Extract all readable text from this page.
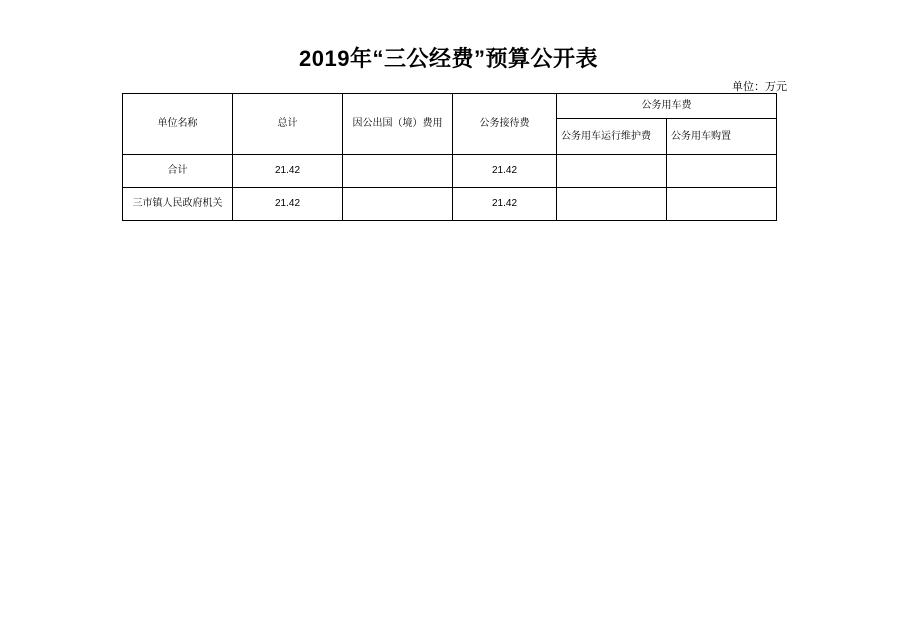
2019年“三公经费”预算公开表
单位：万元
单位名称	总计	因公出国（境）费用	公务接待费	公务用车费	
				公务用车运行维护费	公务用车购置
合计	21.42		21.42		
三市镇人民政府机关	21.42		21.42		
